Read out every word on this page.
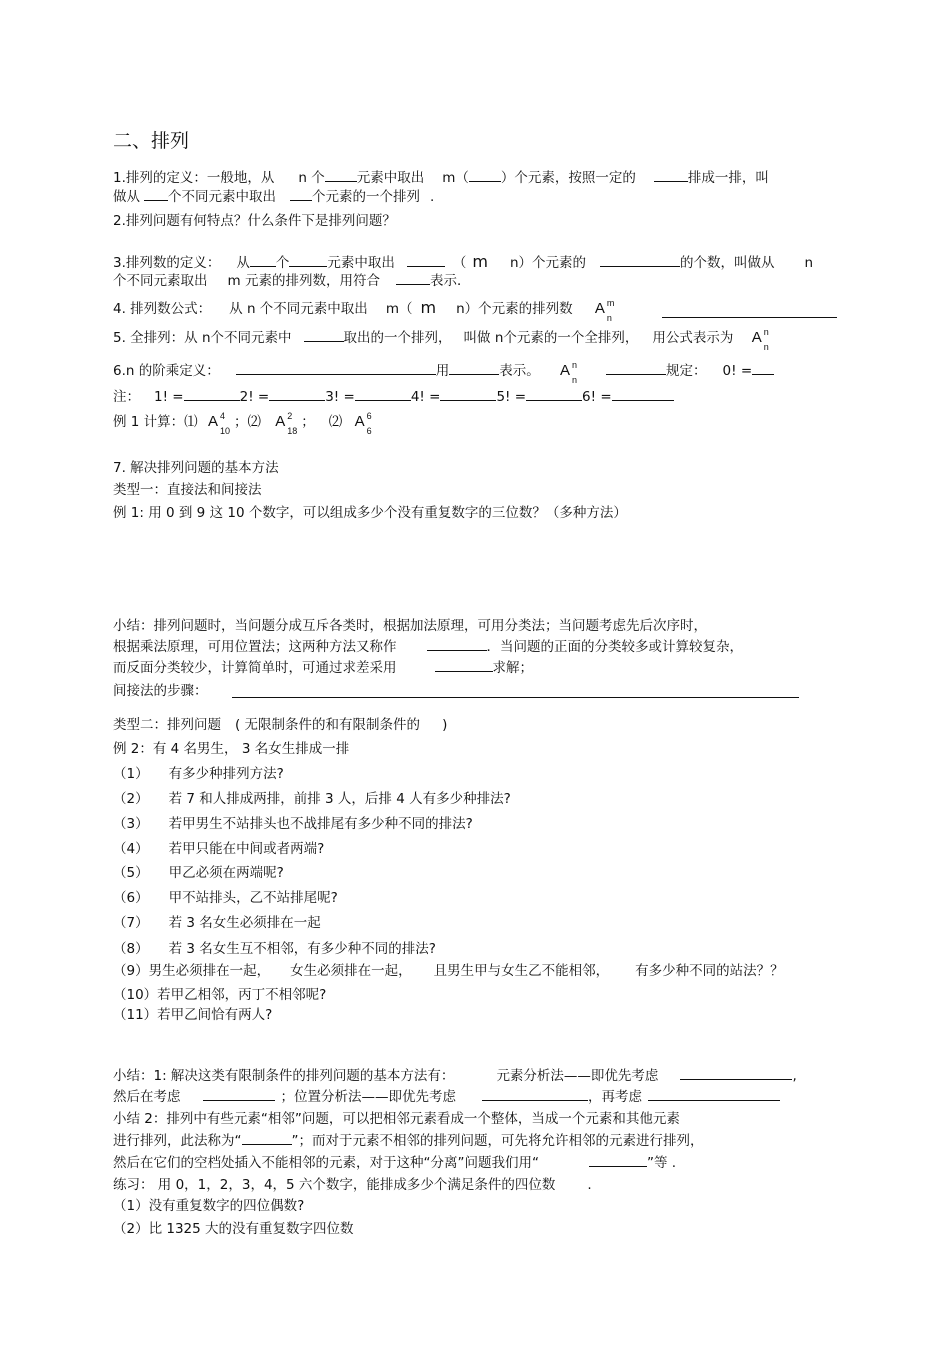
二、排列
1.排列的定义：一般地，从 n 个 元素中取出 m（ ）个元素，按照一定的	排成一排，叫
做从 个不同元素中取出	个元素的一个排列 .
2.排列问题有何特点？什么条件下是排列问题？
3.排列数的定义： 从 个	元素中取出	（ m n）个元素的	的个数，叫做从 n
个不同元素取出 m 元素的排列数，用符合	表示．
4. 排列数公式： 从 n 个不同元素中取出 m（ m n）个元素的排列数 A m
n
5. 全排列：从 n个不同元素中	取出的一个排列， 叫做 n个元素的一个全排列， 用公式表示为 A n
n
6.n 的阶乘定义：	用	表示。 A n
n
规定： 0! =
注： 1! =	2! =	3! =	4! =	5! =	6! =
例 1 计算：⑴ A 4
10
；⑵ A 2
18
； ⑵ A 6
6
7. 解决排列问题的基本方法
类型一：直接法和间接法
例 1: 用 0 到 9 这 10 个数字，可以组成多少个没有重复数字的三位数？（多种方法）
小结：排列问题时，当问题分成互斥各类时，根据加法原理，可用分类法；当问题考虑先后次序时，
根据乘法原理，可用位置法；这两种方法又称作	．当问题的正面的分类较多或计算较复杂，
而反面分类较少，计算简单时，可通过求差采用	求解；
间接法的步骤：
类型二：排列问题 ( 无限制条件的和有限制条件的 )
例 2：有 4 名男生， 3 名女生排成一排
（1） 有多少种排列方法?
（2） 若 7 和人排成两排，前排 3 人，后排 4 人有多少种排法?
（3） 若甲男生不站排头也不战排尾有多少种不同的排法?
（4） 若甲只能在中间或者两端?
（5） 甲乙必须在两端呢?
（6） 甲不站排头，乙不站排尾呢?
（7） 若 3 名女生必须排在一起
（8） 若 3 名女生互不相邻，有多少种不同的排法?
（9）男生必须排在一起， 女生必须排在一起， 且男生甲与女生乙不能相邻， 有多少种不同的站法？？
（10）若甲乙相邻，丙丁不相邻呢?
（11）若甲乙间恰有两人?
小结：1: 解决这类有限制条件的排列问题的基本方法有：	元素分析法——即优先考虑	,
然后在考虑	；位置分析法——即优先考虑	，再考虑
小结 2：排列中有些元素“相邻”问题，可以把相邻元素看成一个整体，当成一个元素和其他元素
进行排列，此法称为“	”；而对于元素不相邻的排列问题，可先将允许相邻的元素进行排列，
然后在它们的空档处插入不能相邻的元素，对于这种“分离”问题我们用“	”等 .
练习： 用 0，1，2，3，4，5 六个数字，能排成多少个满足条件的四位数 .
（1）没有重复数字的四位偶数?
（2）比 1325 大的没有重复数字四位数
